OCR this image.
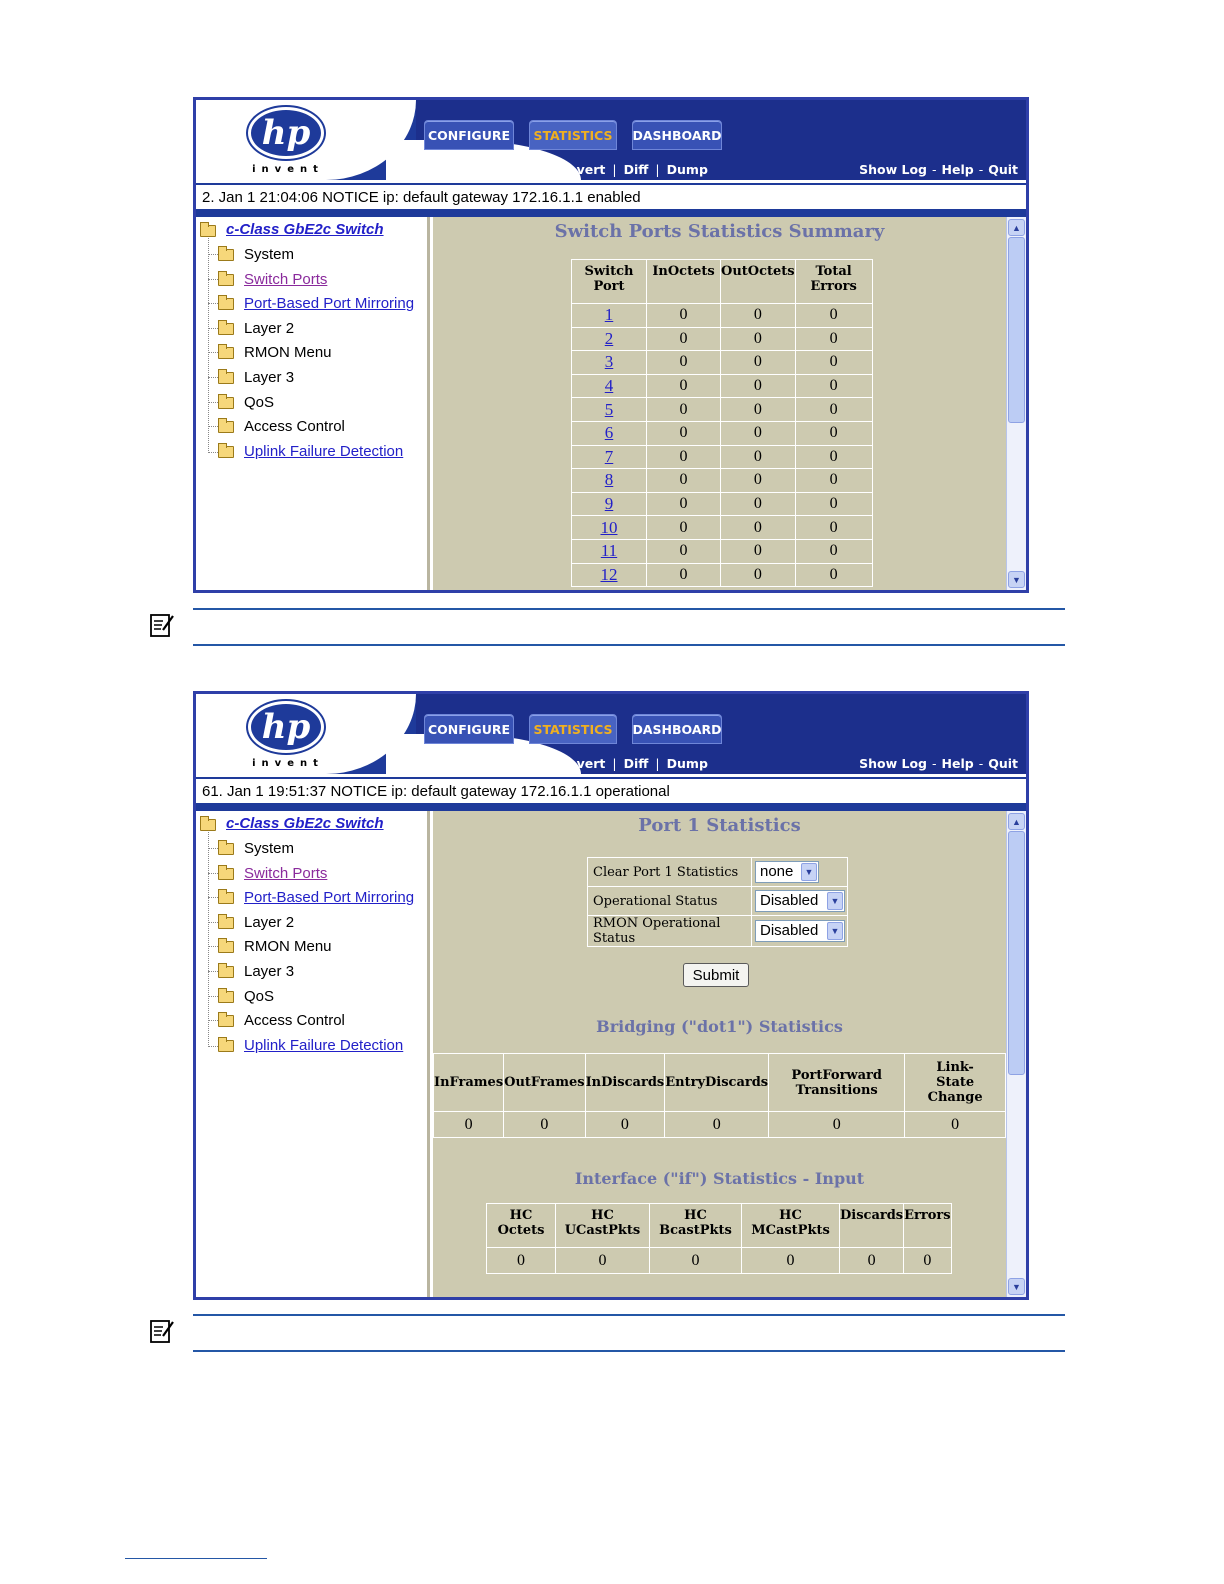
hp
invent
CONFIGURE	STATISTICS	DASHBOARD
Apply | Save | Revert | Diff | Dump	Show Log - Help - Quit
2. Jan 1 21:04:06 NOTICE ip: default gateway 172.16.1.1 enabled
c-Class GbE2c Switch
System
Switch Ports
Port-Based Port Mirroring
Layer 2
RMON Menu
Layer 3
QoS
Access Control
Uplink Failure Detection
Switch Ports Statistics Summary
Switch Port	InOctets	OutOctets	Total Errors
1	0	0	0
2	0	0	0
3	0	0	0
4	0	0	0
5	0	0	0
6	0	0	0
7	0	0	0
8	0	0	0
9	0	0	0
10	0	0	0
11	0	0	0
12	0	0	0
▲
▼
hp
invent
CONFIGURE	STATISTICS	DASHBOARD
Apply | Save | Revert | Diff | Dump	Show Log - Help - Quit
61. Jan 1 19:51:37 NOTICE ip: default gateway 172.16.1.1 operational
c-Class GbE2c Switch
System
Switch Ports
Port-Based Port Mirroring
Layer 2
RMON Menu
Layer 3
QoS
Access Control
Uplink Failure Detection
Port 1 Statistics
Clear Port 1 Statistics	none ▼

Operational Status	Disabled ▼

RMON Operational Status	Disabled ▼
Submit
Bridging ("dot1") Statistics
InFrames	OutFrames	InDiscards	EntryDiscards	PortForward Transitions	Link-State Change
0	0	0	0	0	0
Interface ("if") Statistics - Input
HC Octets	HC UCastPkts	HC BcastPkts	HC MCastPkts	Discards	Errors
0	0	0	0	0	0
▲
▼
